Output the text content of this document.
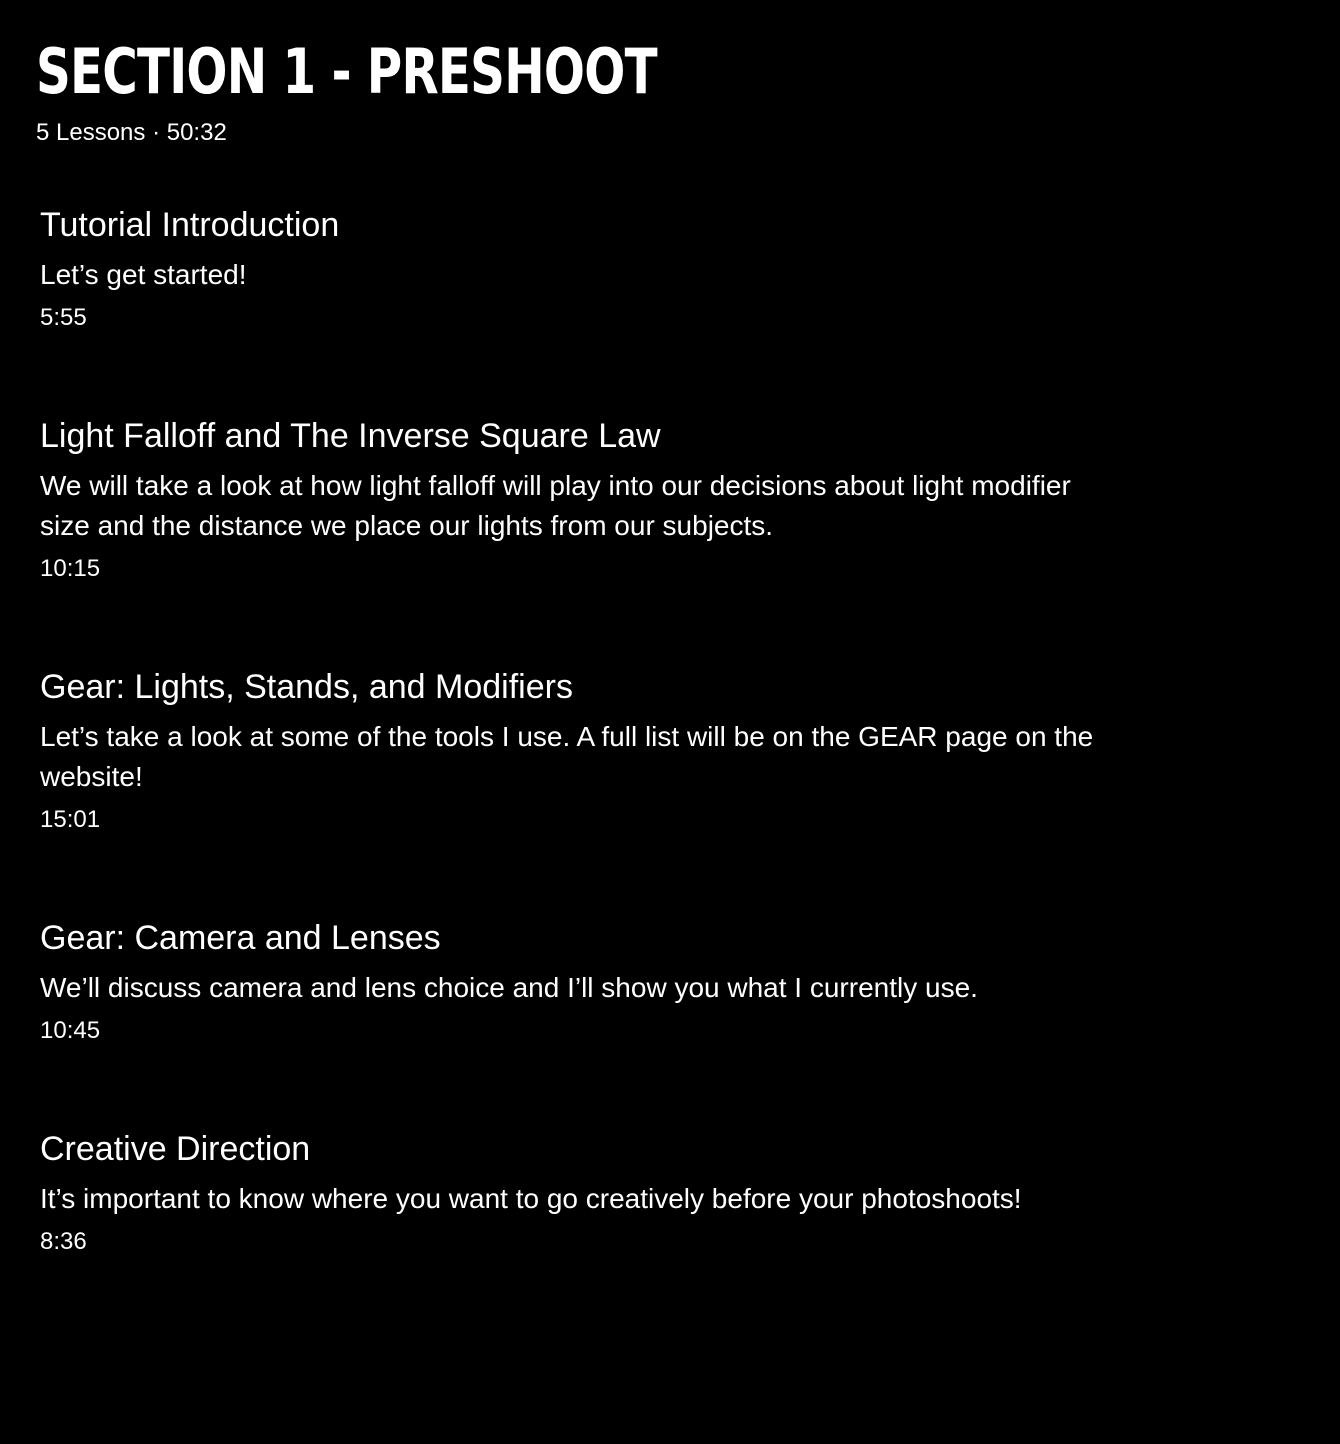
SECTION 1 - PRESHOOT
5 Lessons · 50:32
Tutorial Introduction
Let’s get started!
5:55
Light Falloff and The Inverse Square Law
We will take a look at how light falloff will play into our decisions about light modifier size and the distance we place our lights from our subjects.
10:15
Gear: Lights, Stands, and Modifiers
Let’s take a look at some of the tools I use. A full list will be on the GEAR page on the website!
15:01
Gear: Camera and Lenses
We’ll discuss camera and lens choice and I’ll show you what I currently use.
10:45
Creative Direction
It’s important to know where you want to go creatively before your photoshoots!
8:36
